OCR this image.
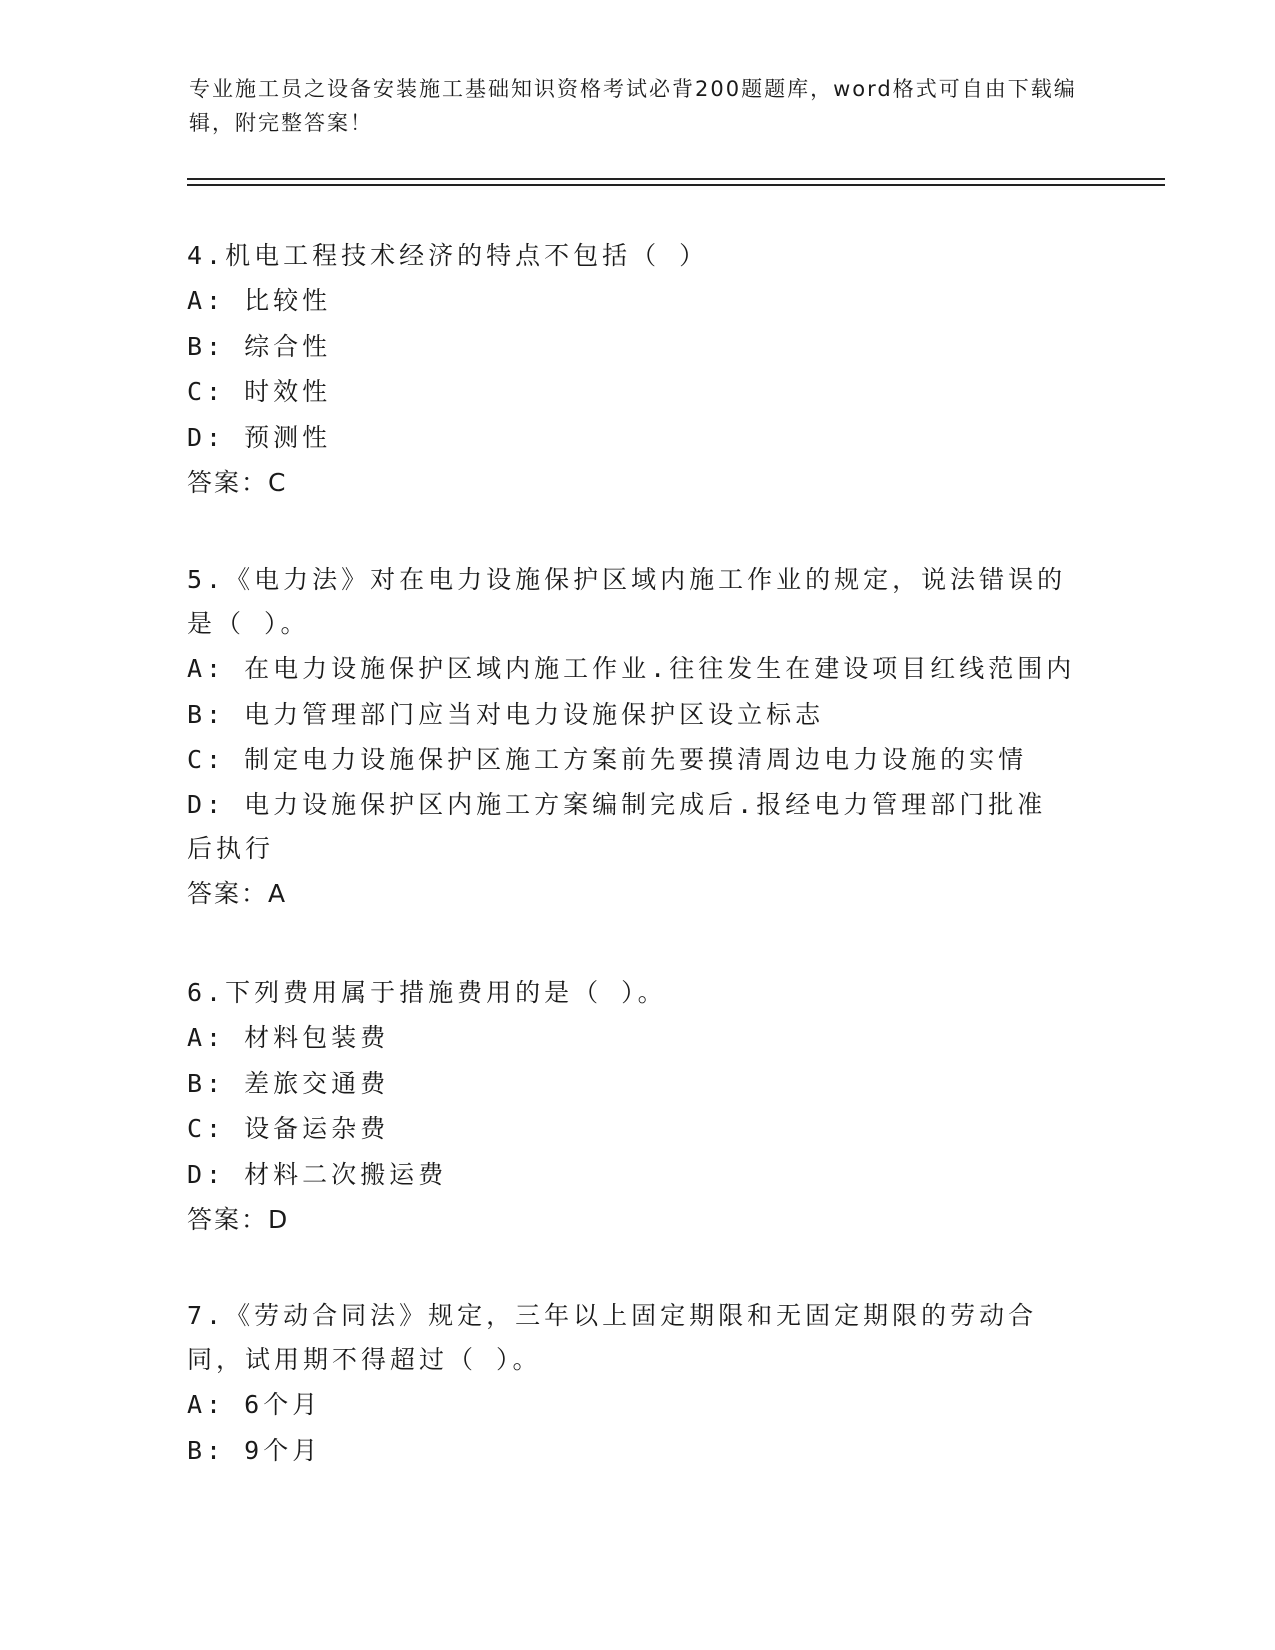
专业施工员之设备安装施工基础知识资格考试必背200题题库，word格式可自由下载编辑，附完整答案！

4.机电工程技术经济的特点不包括（ ）

A: 比较性

B: 综合性

C: 时效性

D: 预测性

答案：C

5.《电力法》对在电力设施保护区域内施工作业的规定，说法错误的是（ ）。

A: 在电力设施保护区域内施工作业.往往发生在建设项目红线范围内

B: 电力管理部门应当对电力设施保护区设立标志

C: 制定电力设施保护区施工方案前先要摸清周边电力设施的实情

D: 电力设施保护区内施工方案编制完成后.报经电力管理部门批准后执行

答案：A

6.下列费用属于措施费用的是（ ）。

A: 材料包装费

B: 差旅交通费

C: 设备运杂费

D: 材料二次搬运费

答案：D

7.《劳动合同法》规定，三年以上固定期限和无固定期限的劳动合同，试用期不得超过（ ）。

A: 6个月

B: 9个月
